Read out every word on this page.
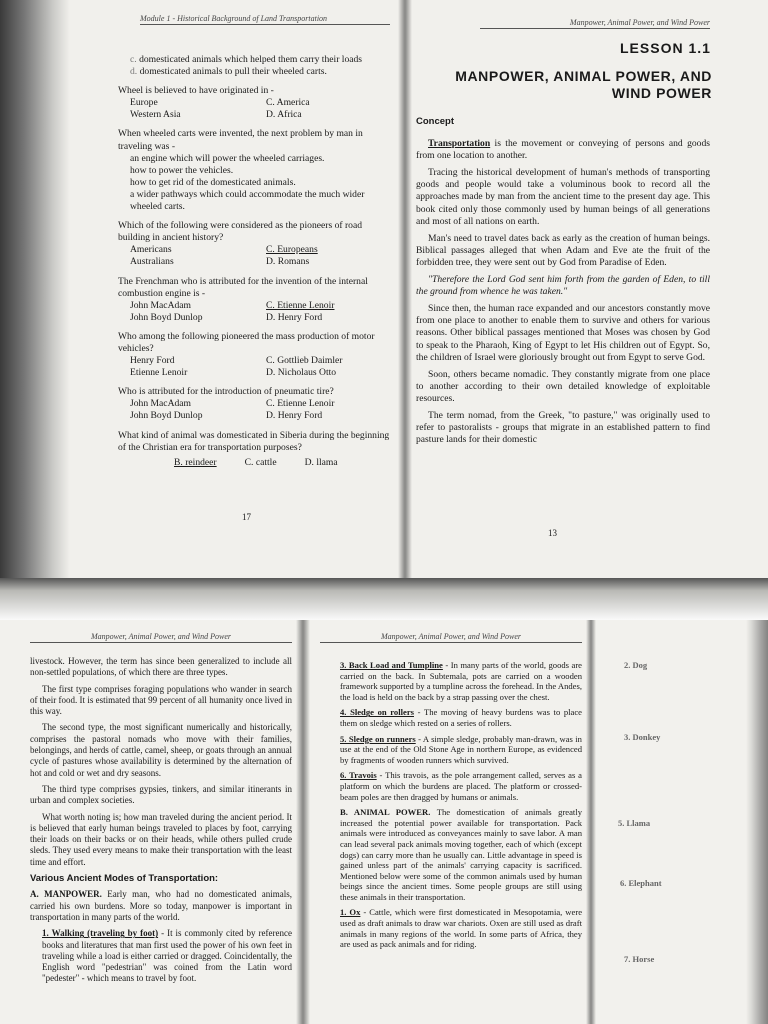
Module 1 - Historical Background of Land Transportation
c. domesticated animals which helped them carry their loads
d. domesticated animals to pull their wheeled carts.
Wheel is believed to have originated in -
Europe	C. America
Western Asia	D. Africa
When wheeled carts were invented, the next problem by man in traveling was -
an engine which will power the wheeled carriages.
how to power the vehicles.
how to get rid of the domesticated animals.
a wider pathways which could accommodate the much wider wheeled carts.
Which of the following were considered as the pioneers of road building in ancient history?
Americans	C. Europeans
Australians	D. Romans
The Frenchman who is attributed for the invention of the internal combustion engine is -
John MacAdam	C. Etienne Lenoir
John Boyd Dunlop	D. Henry Ford
Who among the following pioneered the mass production of motor vehicles?
Henry Ford	C. Gottlieb Daimler
Etienne Lenoir	D. Nicholaus Otto
Who is attributed for the introduction of pneumatic tire?
John MacAdam	C. Etienne Lenoir
John Boyd Dunlop	D. Henry Ford
What kind of animal was domesticated in Siberia during the beginning of the Christian era for transportation purposes?
B. reindeer	C. cattle	D. llama
17
Manpower, Animal Power, and Wind Power
LESSON 1.1
MANPOWER, ANIMAL POWER, AND
WIND POWER

Concept

Transportation is the movement or conveying of persons and goods from one location to another.

Tracing the historical development of human's methods of transporting goods and people would take a voluminous book to record all the approaches made by man from the ancient time to the present day age. This book cited only those commonly used by human beings of all generations and most of all nations on earth.

Man's need to travel dates back as early as the creation of human beings. Biblical passages alleged that when Adam and Eve ate the fruit of the forbidden tree, they were sent out by God from Paradise of Eden.

"Therefore the Lord God sent him forth from the garden of Eden, to till the ground from whence he was taken."

Since then, the human race expanded and our ancestors constantly move from one place to another to enable them to survive and others for various reasons. Other biblical passages mentioned that Moses was chosen by God to speak to the Pharaoh, King of Egypt to let His children out of Egypt. So, the children of Israel were gloriously brought out from Egypt to serve God.

Soon, others became nomadic. They constantly migrate from one place to another according to their own detailed knowledge of exploitable resources.

The term nomad, from the Greek, "to pasture," was originally used to refer to pastoralists - groups that migrate in an established pattern to find pasture lands for their domestic

13
Manpower, Animal Power, and Wind Power

livestock. However, the term has since been generalized to include all non-settled populations, of which there are three types.

The first type comprises foraging populations who wander in search of their food. It is estimated that 99 percent of all humanity once lived in this way.

The second type, the most significant numerically and historically, comprises the pastoral nomads who move with their families, belongings, and herds of cattle, camel, sheep, or goats through an annual cycle of pastures whose availability is determined by the alternation of hot and cold or wet and dry seasons.

The third type comprises gypsies, tinkers, and similar itinerants in urban and complex societies.

What worth noting is; how man traveled during the ancient period. It is believed that early human beings traveled to places by foot, carrying their loads on their backs or on their heads, while others pulled crude sleds. They used every means to make their transportation with the least time and effort.

Various Ancient Modes of Transportation:

A. MANPOWER. Early man, who had no domesticated animals, carried his own burdens. More so today, manpower is important in transportation in many parts of the world.

1. Walking (traveling by foot) - It is commonly cited by reference books and literatures that man first used the power of his own feet in traveling while a load is either carried or dragged. Coincidentally, the English word "pedestrian" was coined from the Latin word "pedester" - which means to travel by foot.

Manpower, Animal Power, and Wind Power

3. Back Load and Tumpline - In many parts of the world, goods are carried on the back. In Subtemala, pots are carried on a wooden framework supported by a tumpline across the forehead. In the Andes, the load is held on the back by a strap passing over the chest.

4. Sledge on rollers - The moving of heavy burdens was to place them on sledge which rested on a series of rollers.

5. Sledge on runners - A simple sledge, probably man-drawn, was in use at the end of the Old Stone Age in northern Europe, as evidenced by fragments of wooden runners which survived.

6. Travois - This travois, as the pole arrangement called, serves as a platform on which the burdens are placed. The platform or crossed-beam poles are then dragged by humans or animals.

B. ANIMAL POWER. The domestication of animals greatly increased the potential power available for transportation. Pack animals were introduced as conveyances mainly to save labor. A man can lead several pack animals moving together, each of which (except dogs) can carry more than he usually can. Little advantage in speed is gained unless part of the animals' carrying capacity is sacrificed. Mentioned below were some of the common animals used by human beings since the ancient times. Some people groups are still using these animals in their transportation.

1. Ox - Cattle, which were first domesticated in Mesopotamia, were used as draft animals to draw war chariots. Oxen are still used as draft animals in many regions of the world. In some parts of Africa, they are used as pack animals and for riding.

2. Dog
3. Donkey
5. Llama
6. Elephant
7. Horse
